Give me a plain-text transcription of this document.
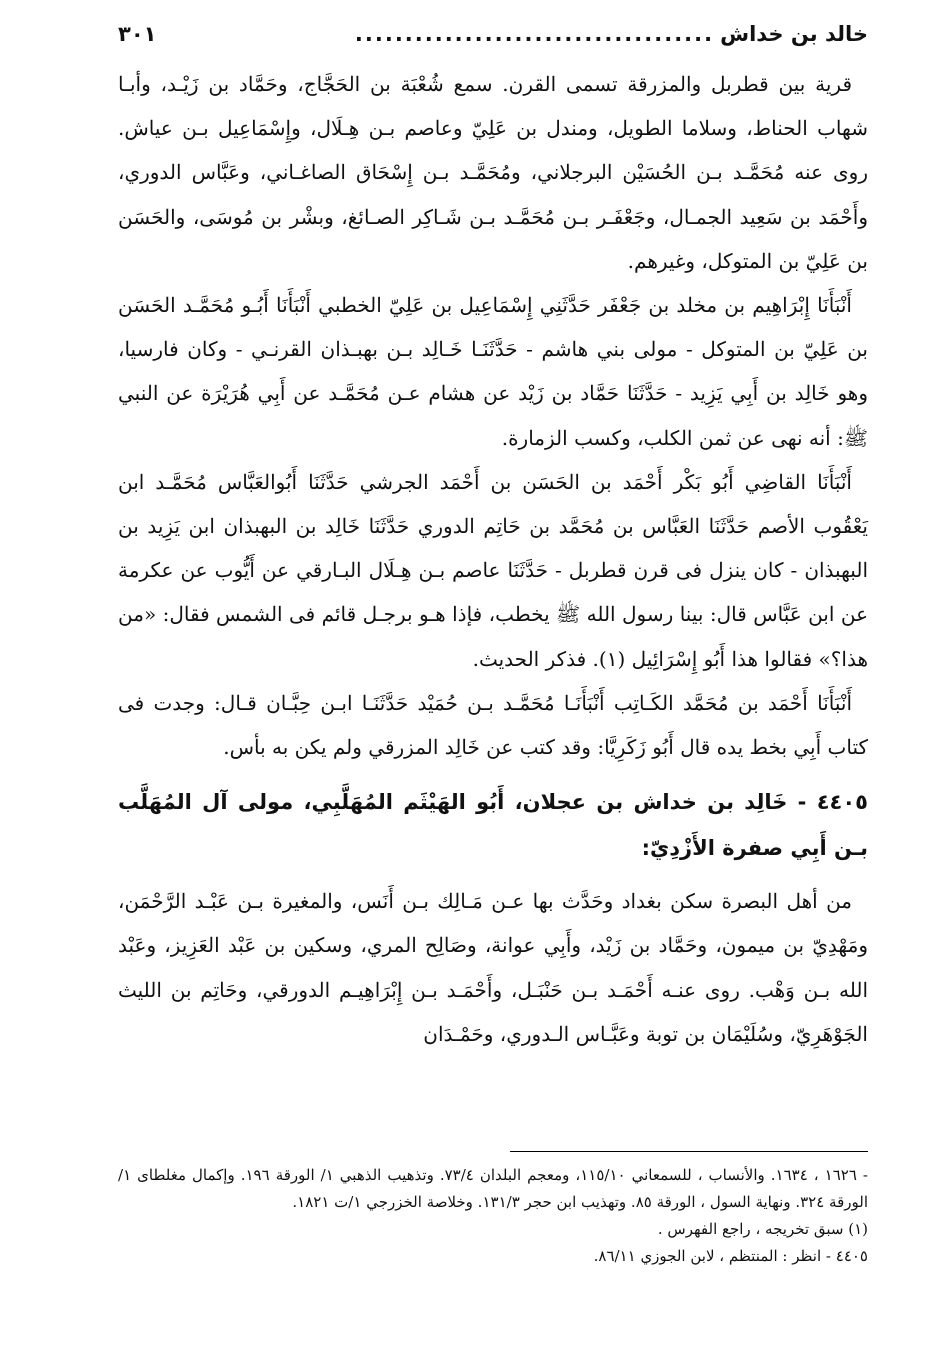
خالد بن خداش
....................................
٣٠١

قرية بين قطربل والمزرقة تسمى القرن. سمع شُعْبَة بن الحَجَّاج، وحَمَّاد بن زَيْـد، وأبـا شهاب الحناط، وسلاما الطويل، ومندل بن عَلِيّ وعاصم بـن هِـلَال، وإِسْمَاعِيل بـن عياش. روى عنه مُحَمَّـد بـن الحُسَيْن البرجلاني، ومُحَمَّـد بـن إِسْحَاق الصاغـاني، وعَبَّاس الدوري، وأَحْمَد بن سَعِيد الجمـال، وجَعْفَـر بـن مُحَمَّـد بـن شَـاكِر الصـائغ، وبشْر بن مُوسَى، والحَسَن بن عَلِيّ بن المتوكل، وغيرهم.

أَنْبَأَنَا إِبْرَاهِيم بن مخلد بن جَعْفَر حَدَّثَنِي إِسْمَاعِيل بن عَلِيّ الخطبي أَنْبَأَنَا أَبُـو مُحَمَّـد الحَسَن بن عَلِيّ بن المتوكل - مولى بني هاشم - حَدَّثَنَـا خَـالِد بـن بهبـذان القرنـي - وكان فارسيا، وهو خَالِد بن أَبِي يَزِيد - حَدَّثَنَا حَمَّاد بن زَيْد عن هشام عـن مُحَمَّـد عن أَبِي هُرَيْرَة عن النبي ﷺ: أنه نهى عن ثمن الكلب، وكسب الزمارة.

أَنْبَأَنَا القاضِي أَبُو بَكْر أَحْمَد بن الحَسَن بن أَحْمَد الجرشي حَدَّثَنَا أَبُوالعَبَّاس مُحَمَّـد ابن يَعْقُوب الأصم حَدَّثَنَا العَبَّاس بن مُحَمَّد بن حَاتِم الدوري حَدَّثَنَا خَالِد بن البهبذان ابن يَزِيد بن البهبذان - كان ينزل فى قرن قطربل - حَدَّثَنَا عاصم بـن هِـلَال البـارقي عن أَيُّوب عن عكرمة عن ابن عَبَّاس قال: بينا رسول الله ﷺ يخطب، فإذا هـو برجـل قائم فى الشمس فقال: «من هذا؟» فقالوا هذا أَبُو إِسْرَائِيل (١). فذكر الحديث.

أَنْبَأَنَا أَحْمَد بن مُحَمَّد الكَـاتِب أَنْبَأَنَـا مُحَمَّـد بـن حُمَيْد حَدَّثَنَـا ابـن حِبَّـان قـال: وجدت فى كتاب أَبِي بخط يده قال أَبُو زَكَرِيَّا: وقد كتب عن خَالِد المزرقي ولم يكن به بأس.

٤٤٠٥ - خَالِد بن خداش بن عجلان، أَبُو الهَيْثَم المُهَلَّبِي، مولى آل المُهَلَّب بـن أَبِي صفرة الأَزْدِيّ:

من أهل البصرة سكن بغداد وحَدَّث بها عـن مَـالِك بـن أَنَس، والمغيرة بـن عَبْـد الرَّحْمَن، ومَهْدِيّ بن ميمون، وحَمَّاد بن زَيْد، وأَبِي عوانة، وصَالِح المري، وسكين بن عَبْد العَزِيز، وعَبْد الله بـن وَهْب. روى عنـه أَحْمَـد بـن حَنْبَـل، وأَحْمَـد بـن إِبْرَاهِيـم الدورقي، وحَاتِم بن الليث الجَوْهَرِيّ، وسُلَيْمَان بن توبة وعَبَّـاس الـدوري، وحَمْـدَان

- ١٦٢٦ ، ١٦٣٤. والأنساب ، للسمعاني ١١٥/١٠، ومعجم البلدان ٧٣/٤. وتذهيب الذهبي ١/ الورقة ١٩٦. وإكمال مغلطاى ١/ الورقة ٣٢٤. ونهاية السول ، الورقة ٨٥. وتهذيب ابن حجر ١٣١/٣. وخلاصة الخزرجي ١/ت ١٨٢١.

(١) سبق تخريجه ، راجع الفهرس .

٤٤٠٥ - انظر : المنتظم ، لابن الجوزي ٨٦/١١.
